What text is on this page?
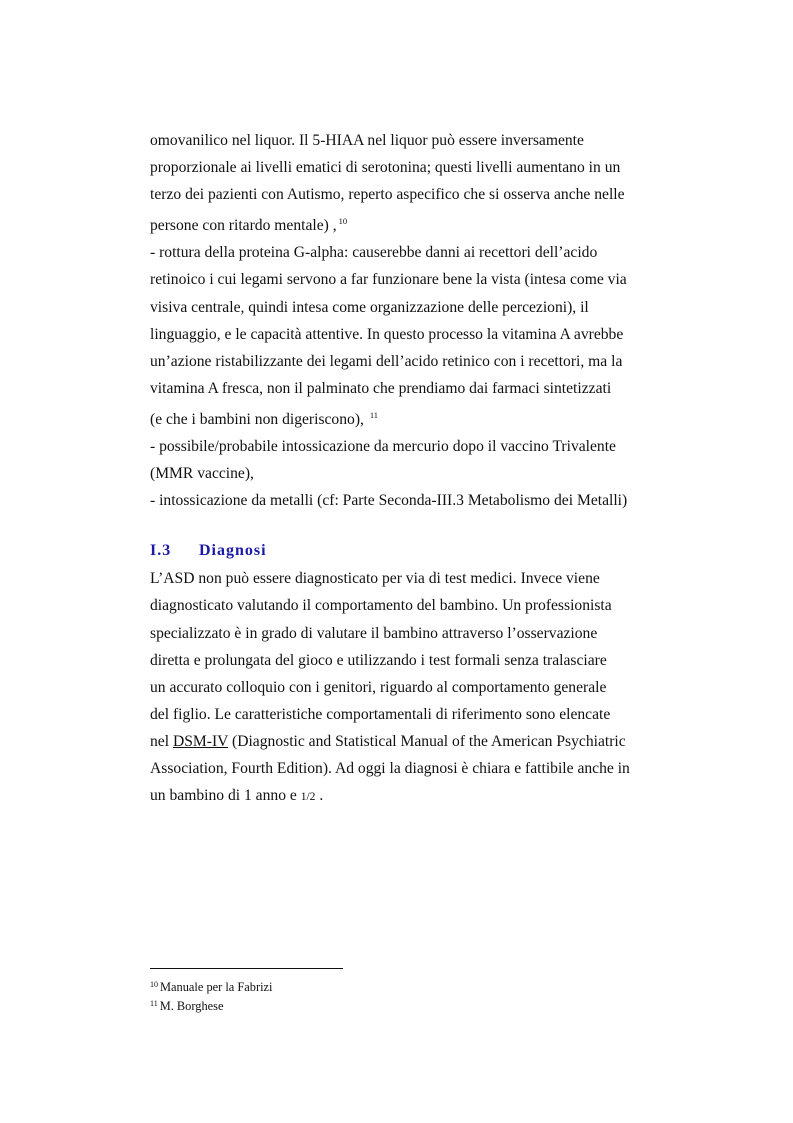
omovanilico nel liquor. Il 5-HIAA nel liquor può essere inversamente

proporzionale ai livelli ematici di serotonina; questi livelli aumentano in un

terzo dei pazienti con Autismo, reperto aspecifico che si osserva anche nelle

persone con ritardo mentale) , $^{10}$

- rottura della proteina G-alpha: causerebbe danni ai recettori dell’acido

retinoico i cui legami servono a far funzionare bene la vista (intesa come via

visiva centrale, quindi intesa come organizzazione delle percezioni), il

linguaggio, e le capacità attentive. In questo processo la vitamina A avrebbe

un’azione ristabilizzante dei legami dell’acido retinico con i recettori, ma la

vitamina A fresca, non il palminato che prendiamo dai farmaci sintetizzati

(e che i bambini non digeriscono), $^{11}$

- possibile/probabile intossicazione da mercurio dopo il vaccino Trivalente

(MMR vaccine),

- intossicazione da metalli (cf: Parte Seconda-III.3 Metabolismo dei Metalli)

I.3	Diagnosi

L’ASD non può essere diagnosticato per via di test medici. Invece viene

diagnosticato valutando il comportamento del bambino. Un professionista

specializzato è in grado di valutare il bambino attraverso l’osservazione

diretta e prolungata del gioco e utilizzando i test formali senza tralasciare

un accurato colloquio con i genitori, riguardo al comportamento generale

del figlio. Le caratteristiche comportamentali di riferimento sono elencate

nel DSM-IV (Diagnostic and Statistical Manual of the American Psychiatric

Association, Fourth Edition). Ad oggi la diagnosi è chiara e fattibile anche in

un bambino di 1 anno e 1/2 .

$^{10}$ Manuale per la Fabrizi
$^{11}$ M. Borghese
